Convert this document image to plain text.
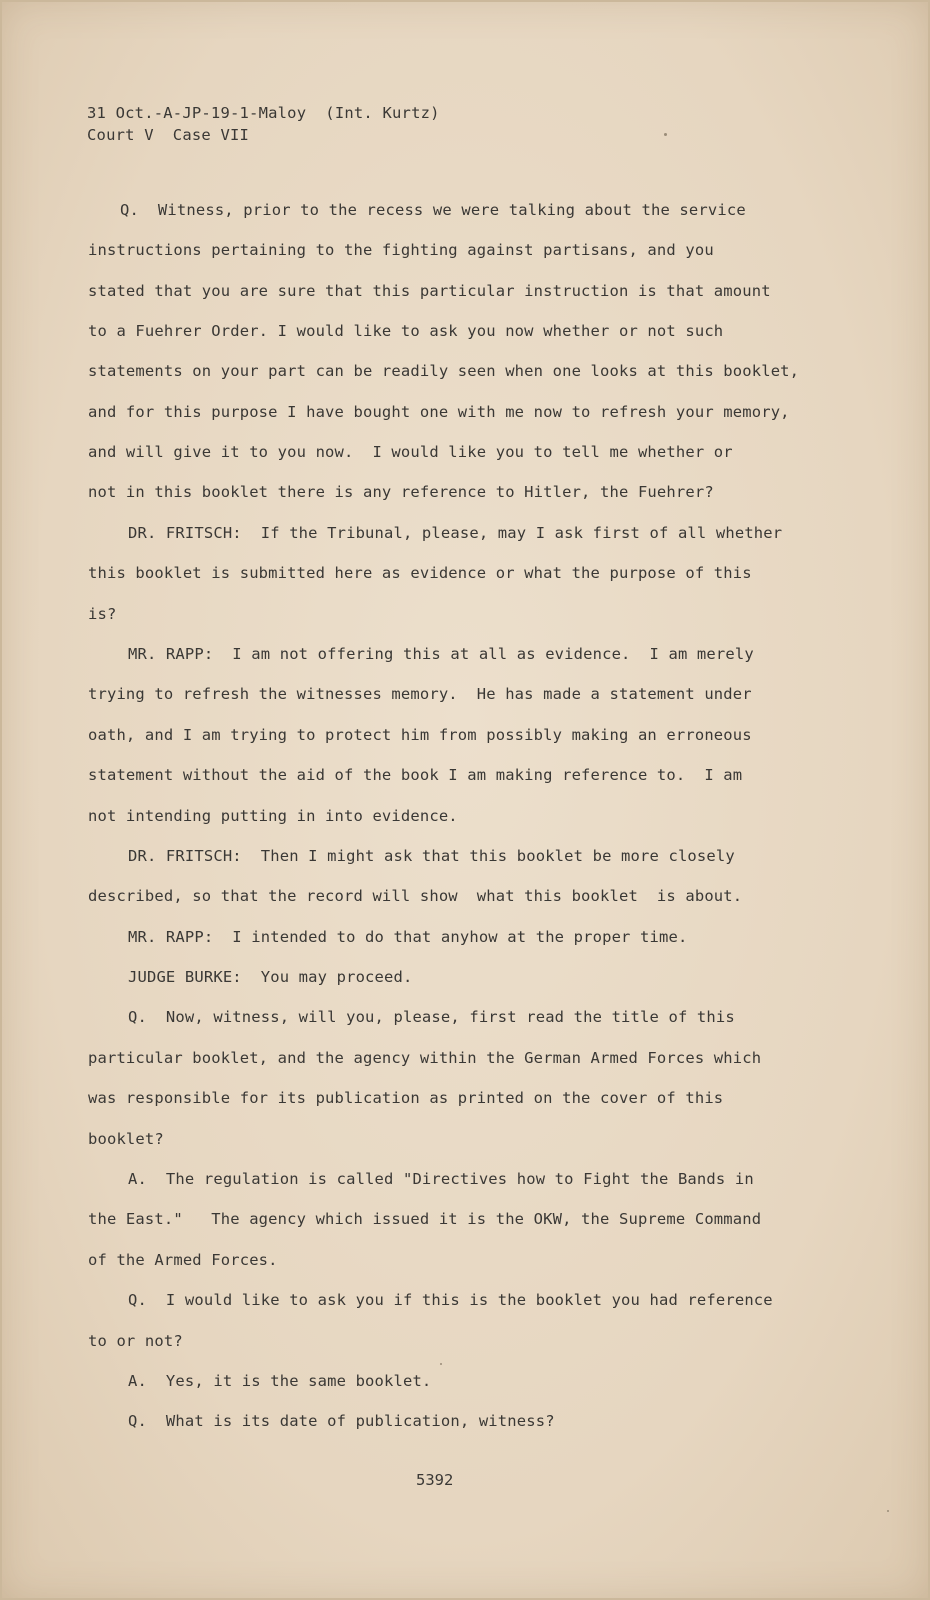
31 Oct.-A-JP-19-1-Maloy  (Int. Kurtz)
Court V  Case VII
Q.  Witness, prior to the recess we were talking about the service
instructions pertaining to the fighting against partisans, and you
stated that you are sure that this particular instruction is that amount
to a Fuehrer Order. I would like to ask you now whether or not such
statements on your part can be readily seen when one looks at this booklet,
and for this purpose I have bought one with me now to refresh your memory,
and will give it to you now.  I would like you to tell me whether or
not in this booklet there is any reference to Hitler, the Fuehrer?
DR. FRITSCH:  If the Tribunal, please, may I ask first of all whether
this booklet is submitted here as evidence or what the purpose of this
is?
MR. RAPP:  I am not offering this at all as evidence.  I am merely
trying to refresh the witnesses memory.  He has made a statement under
oath, and I am trying to protect him from possibly making an erroneous
statement without the aid of the book I am making reference to.  I am
not intending putting in into evidence.
DR. FRITSCH:  Then I might ask that this booklet be more closely
described, so that the record will show  what this booklet  is about.
MR. RAPP:  I intended to do that anyhow at the proper time.
JUDGE BURKE:  You may proceed.
Q.  Now, witness, will you, please, first read the title of this
particular booklet, and the agency within the German Armed Forces which
was responsible for its publication as printed on the cover of this
booklet?
A.  The regulation is called "Directives how to Fight the Bands in
the East."   The agency which issued it is the OKW, the Supreme Command
of the Armed Forces.
Q.  I would like to ask you if this is the booklet you had reference
to or not?
A.  Yes, it is the same booklet.
Q.  What is its date of publication, witness?
5392
